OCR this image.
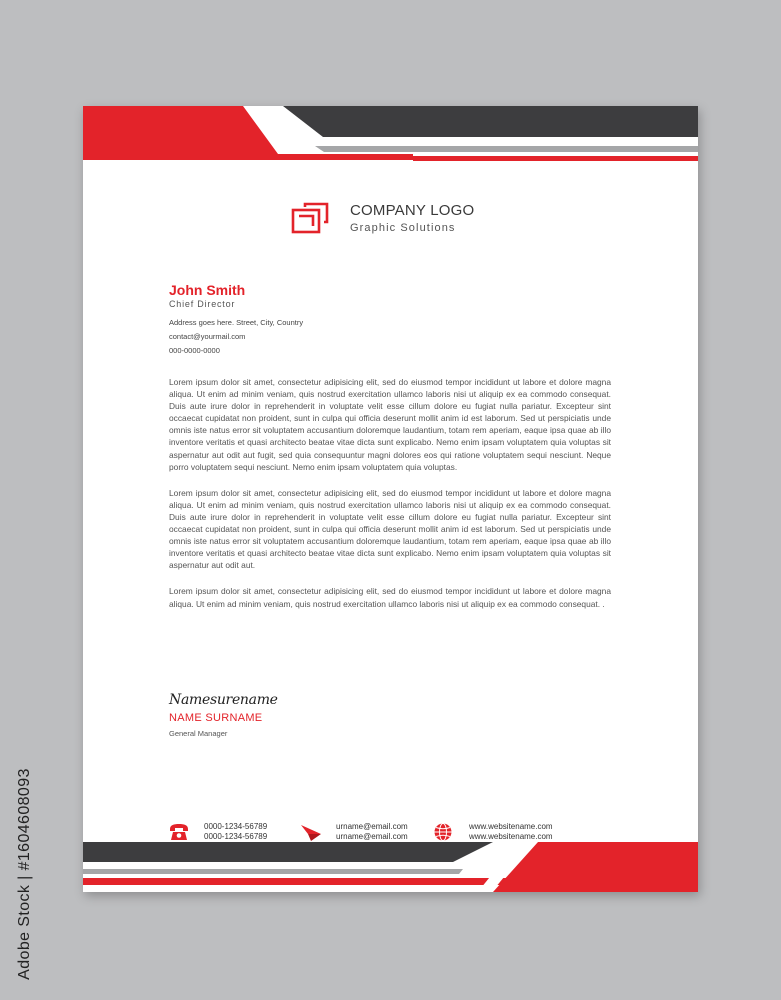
Adobe Stock | #1604608093
COMPANY LOGO
Graphic Solutions
John Smith
Chief Director
Address goes here. Street, City, Country
contact@yourmail.com
000-0000-0000

Lorem ipsum dolor sit amet, consectetur adipisicing elit, sed do eiusmod tempor incididunt ut labore et dolore magna aliqua. Ut enim ad minim veniam, quis nostrud exercitation ullamco laboris nisi ut aliquip ex ea commodo consequat. Duis aute irure dolor in reprehenderit in voluptate velit esse cillum dolore eu fugiat nulla pariatur. Excepteur sint occaecat cupidatat non proident, sunt in culpa qui officia deserunt mollit anim id est laborum. Sed ut perspiciatis unde omnis iste natus error sit voluptatem accusantium doloremque laudantium, totam rem aperiam, eaque ipsa quae ab illo inventore veritatis et quasi architecto beatae vitae dicta sunt explicabo. Nemo enim ipsam voluptatem quia voluptas sit aspernatur aut odit aut fugit, sed quia consequuntur magni dolores eos qui ratione voluptatem sequi nesciunt. Neque porro voluptatem sequi nesciunt. Nemo enim ipsam voluptatem quia voluptas.

Lorem ipsum dolor sit amet, consectetur adipisicing elit, sed do eiusmod tempor incididunt ut labore et dolore magna aliqua. Ut enim ad minim veniam, quis nostrud exercitation ullamco laboris nisi ut aliquip ex ea commodo consequat. Duis aute irure dolor in reprehenderit in voluptate velit esse cillum dolore eu fugiat nulla pariatur. Excepteur sint occaecat cupidatat non proident, sunt in culpa qui officia deserunt mollit anim id est laborum. Sed ut perspiciatis unde omnis iste natus error sit voluptatem accusantium doloremque laudantium, totam rem aperiam, eaque ipsa quae ab illo inventore veritatis et quasi architecto beatae vitae dicta sunt explicabo. Nemo enim ipsam voluptatem quia voluptas sit aspernatur aut odit aut.

Lorem ipsum dolor sit amet, consectetur adipisicing elit, sed do eiusmod tempor incididunt ut labore et dolore magna aliqua. Ut enim ad minim veniam, quis nostrud exercitation ullamco laboris nisi ut aliquip ex ea commodo consequat. .

Namesurename
NAME SURNAME
General Manager
0000-1234-56789
0000-1234-56789
urname@email.com
urname@email.com
www.websitename.com
www.websitename.com
